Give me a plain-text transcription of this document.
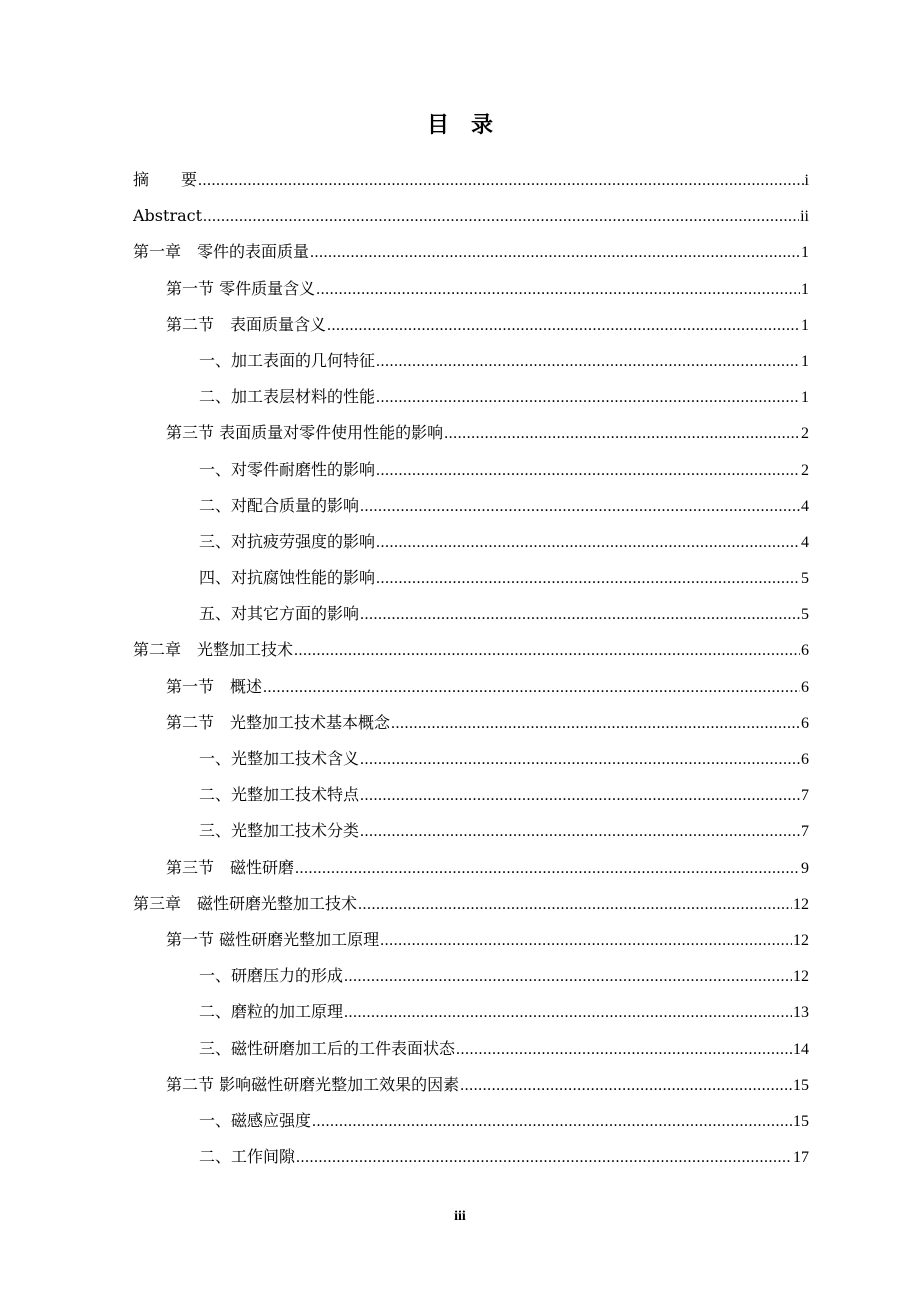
目　录
摘　　要 .....	i
Abstract .....	ii
第一章　零件的表面质量 .....	1
第一节 零件质量含义 .....	1
第二节　表面质量含义 .....	1
一、加工表面的几何特征 .....	1
二、加工表层材料的性能 .....	1
第三节 表面质量对零件使用性能的影响 .....	2
一、对零件耐磨性的影响 .....	2
二、对配合质量的影响 .....	4
三、对抗疲劳强度的影响 .....	4
四、对抗腐蚀性能的影响 .....	5
五、对其它方面的影响 .....	5
第二章　光整加工技术 .....	6
第一节　概述 .....	6
第二节　光整加工技术基本概念 .....	6
一、光整加工技术含义 .....	6
二、光整加工技术特点 .....	7
三、光整加工技术分类 .....	7
第三节　磁性研磨 .....	9
第三章　磁性研磨光整加工技术 .....	12
第一节 磁性研磨光整加工原理 .....	12
一、研磨压力的形成 .....	12
二、磨粒的加工原理 .....	13
三、磁性研磨加工后的工件表面状态 .....	14
第二节 影响磁性研磨光整加工效果的因素 .....	15
一、磁感应强度 .....	15
二、工作间隙 .....	17
iii
